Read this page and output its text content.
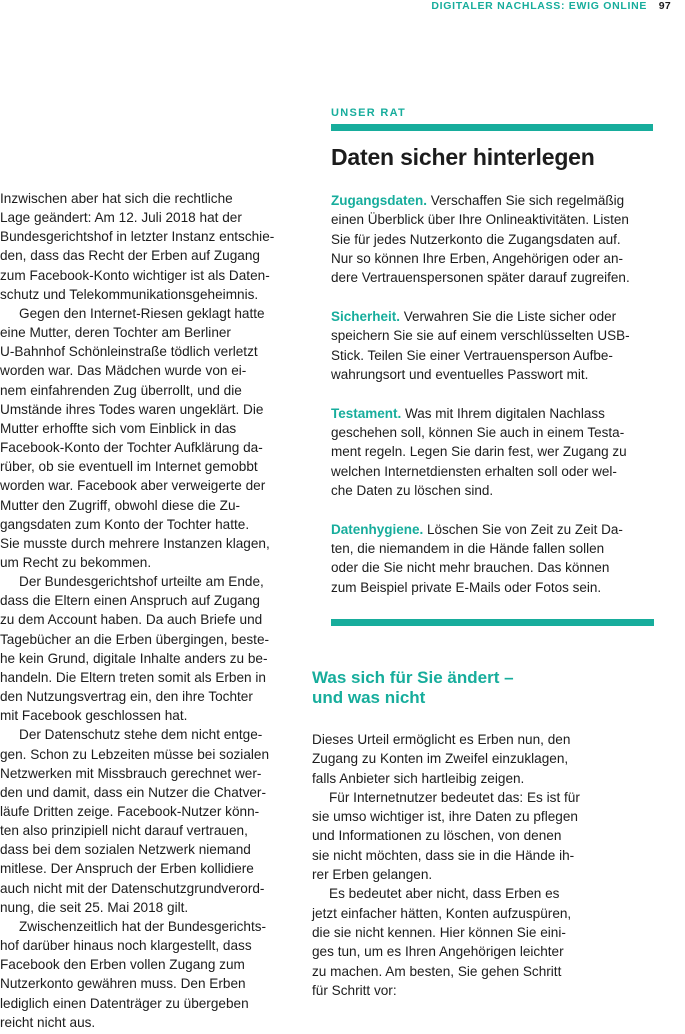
DIGITALER NACHLASS: EWIG ONLINE 97

Inzwischen aber hat sich die rechtliche
Lage geändert: Am 12. Juli 2018 hat der
Bundesgerichtshof in letzter Instanz entschie-
den, dass das Recht der Erben auf Zugang
zum Facebook-Konto wichtiger ist als Daten-
schutz und Telekommunikationsgeheimnis.

Gegen den Internet-Riesen geklagt hatte
eine Mutter, deren Tochter am Berliner
U-Bahnhof Schönleinstraße tödlich verletzt
worden war. Das Mädchen wurde von ei-
nem einfahrenden Zug überrollt, und die
Umstände ihres Todes waren ungeklärt. Die
Mutter erhoffte sich vom Einblick in das
Facebook-Konto der Tochter Aufklärung da-
rüber, ob sie eventuell im Internet gemobbt
worden war. Facebook aber verweigerte der
Mutter den Zugriff, obwohl diese die Zu-
gangsdaten zum Konto der Tochter hatte.
Sie musste durch mehrere Instanzen klagen,
um Recht zu bekommen.

Der Bundesgerichtshof urteilte am Ende,
dass die Eltern einen Anspruch auf Zugang
zu dem Account haben. Da auch Briefe und
Tagebücher an die Erben übergingen, beste-
he kein Grund, digitale Inhalte anders zu be-
handeln. Die Eltern treten somit als Erben in
den Nutzungsvertrag ein, den ihre Tochter
mit Facebook geschlossen hat.

Der Datenschutz stehe dem nicht entge-
gen. Schon zu Lebzeiten müsse bei sozialen
Netzwerken mit Missbrauch gerechnet wer-
den und damit, dass ein Nutzer die Chatver-
läufe Dritten zeige. Facebook-Nutzer könn-
ten also prinzipiell nicht darauf vertrauen,
dass bei dem sozialen Netzwerk niemand
mitlese. Der Anspruch der Erben kollidiere
auch nicht mit der Datenschutzgrundverord-
nung, die seit 25. Mai 2018 gilt.

Zwischenzeitlich hat der Bundesgerichts-
hof darüber hinaus noch klargestellt, dass
Facebook den Erben vollen Zugang zum
Nutzerkonto gewähren muss. Den Erben
lediglich einen Datenträger zu übergeben
reicht nicht aus.

UNSER RAT
Daten sicher hinterlegen

Zugangsdaten. Verschaffen Sie sich regelmäßig
einen Überblick über Ihre Onlineaktivitäten. Listen
Sie für jedes Nutzerkonto die Zugangsdaten auf.
Nur so können Ihre Erben, Angehörigen oder an-
dere Vertrauenspersonen später darauf zugreifen.

Sicherheit. Verwahren Sie die Liste sicher oder
speichern Sie sie auf einem verschlüsselten USB-
Stick. Teilen Sie einer Vertrauensperson Aufbe-
wahrungsort und eventuelles Passwort mit.

Testament. Was mit Ihrem digitalen Nachlass
geschehen soll, können Sie auch in einem Testa-
ment regeln. Legen Sie darin fest, wer Zugang zu
welchen Internetdiensten erhalten soll oder wel-
che Daten zu löschen sind.

Datenhygiene. Löschen Sie von Zeit zu Zeit Da-
ten, die niemandem in die Hände fallen sollen
oder die Sie nicht mehr brauchen. Das können
zum Beispiel private E-Mails oder Fotos sein.

Was sich für Sie ändert –
und was nicht

Dieses Urteil ermöglicht es Erben nun, den
Zugang zu Konten im Zweifel einzuklagen,
falls Anbieter sich hartleibig zeigen.

Für Internetnutzer bedeutet das: Es ist für
sie umso wichtiger ist, ihre Daten zu pflegen
und Informationen zu löschen, von denen
sie nicht möchten, dass sie in die Hände ih-
rer Erben gelangen.

Es bedeutet aber nicht, dass Erben es
jetzt einfacher hätten, Konten aufzuspüren,
die sie nicht kennen. Hier können Sie eini-
ges tun, um es Ihren Angehörigen leichter
zu machen. Am besten, Sie gehen Schritt
für Schritt vor:
